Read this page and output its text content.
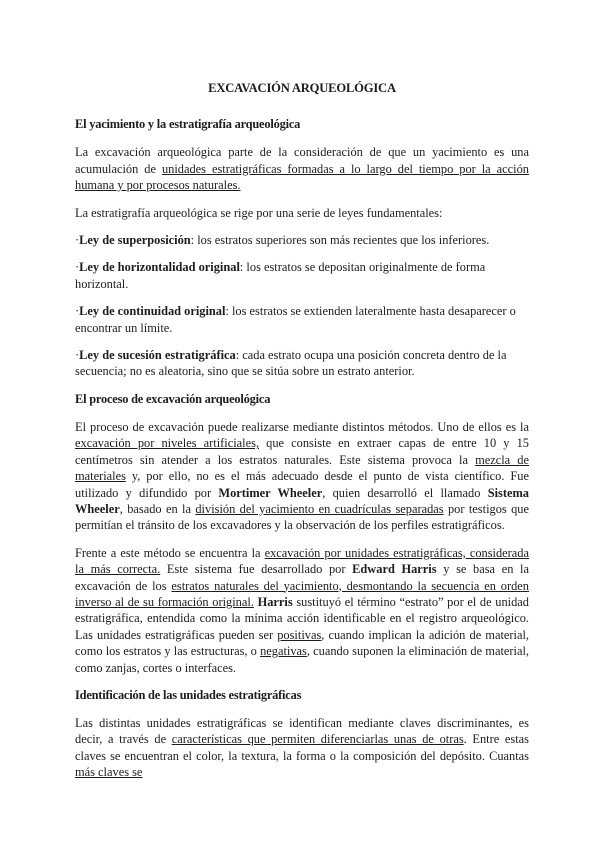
EXCAVACIÓN ARQUEOLÓGICA
El yacimiento y la estratigrafía arqueológica

La excavación arqueológica parte de la consideración de que un yacimiento es una acumulación de unidades estratigráficas formadas a lo largo del tiempo por la acción humana y por procesos naturales.

La estratigrafía arqueológica se rige por una serie de leyes fundamentales:

·Ley de superposición: los estratos superiores son más recientes que los inferiores.

·Ley de horizontalidad original: los estratos se depositan originalmente de forma horizontal.

·Ley de continuidad original: los estratos se extienden lateralmente hasta desaparecer o encontrar un límite.

·Ley de sucesión estratigráfica: cada estrato ocupa una posición concreta dentro de la secuencia; no es aleatoria, sino que se sitúa sobre un estrato anterior.

El proceso de excavación arqueológica

El proceso de excavación puede realizarse mediante distintos métodos. Uno de ellos es la excavación por niveles artificiales, que consiste en extraer capas de entre 10 y 15 centímetros sin atender a los estratos naturales. Este sistema provoca la mezcla de materiales y, por ello, no es el más adecuado desde el punto de vista científico. Fue utilizado y difundido por Mortimer Wheeler, quien desarrolló el llamado Sistema Wheeler, basado en la división del yacimiento en cuadrículas separadas por testigos que permitían el tránsito de los excavadores y la observación de los perfiles estratigráficos.

Frente a este método se encuentra la excavación por unidades estratigráficas, considerada la más correcta. Este sistema fue desarrollado por Edward Harris y se basa en la excavación de los estratos naturales del yacimiento, desmontando la secuencia en orden inverso al de su formación original. Harris sustituyó el término “estrato” por el de unidad estratigráfica, entendida como la mínima acción identificable en el registro arqueológico. Las unidades estratigráficas pueden ser positivas, cuando implican la adición de material, como los estratos y las estructuras, o negativas, cuando suponen la eliminación de material, como zanjas, cortes o interfaces.

Identificación de las unidades estratigráficas

Las distintas unidades estratigráficas se identifican mediante claves discriminantes, es decir, a través de características que permiten diferenciarlas unas de otras. Entre estas claves se encuentran el color, la textura, la forma o la composición del depósito. Cuantas más claves se
